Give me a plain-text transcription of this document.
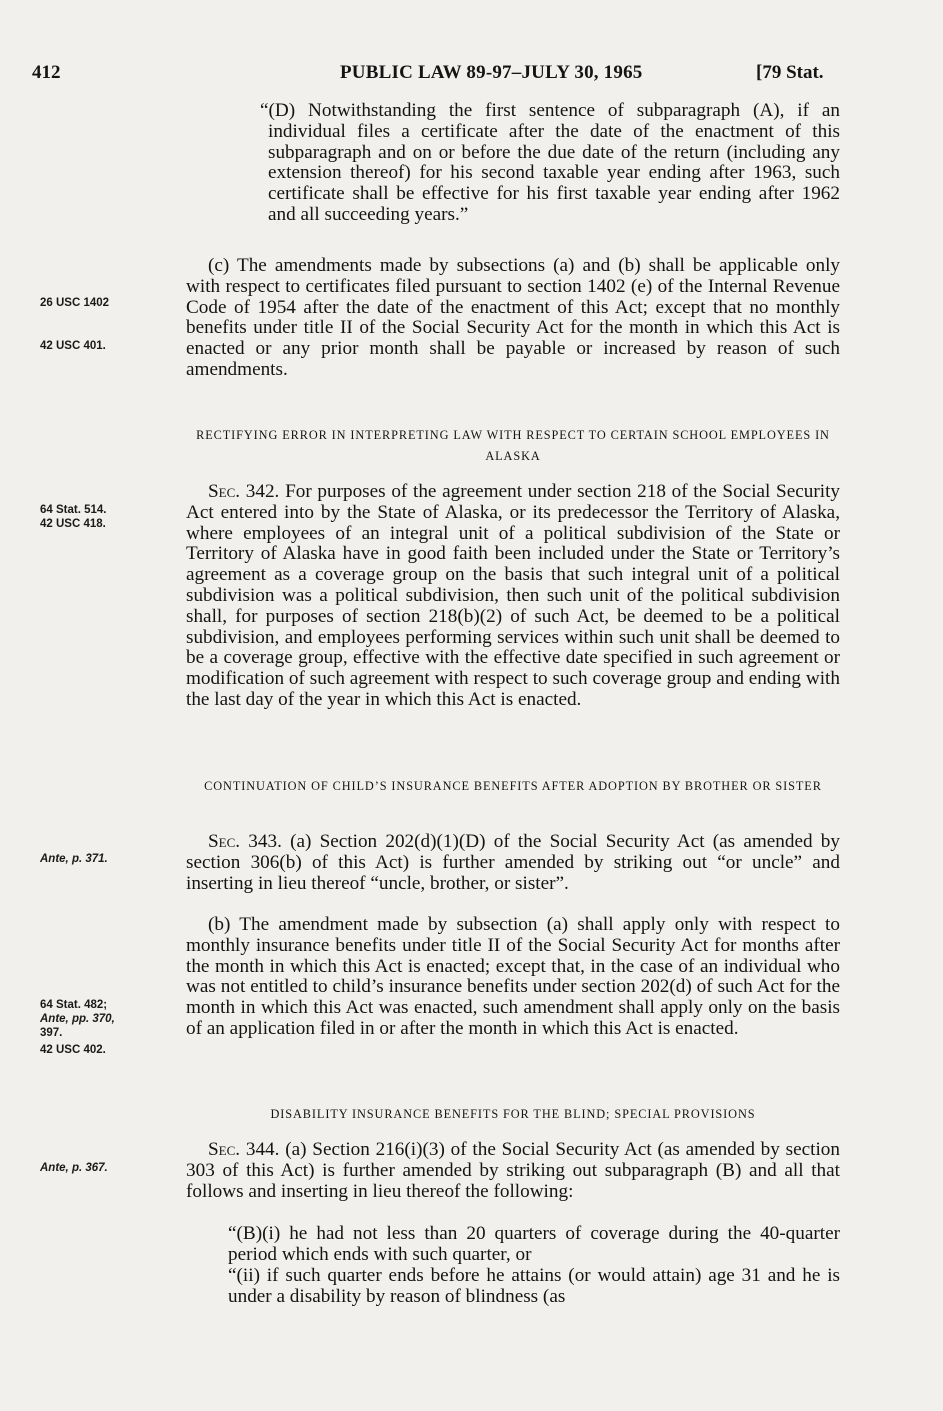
412	PUBLIC LAW 89-97–JULY 30, 1965	[79 Stat.
26 USC 1402
42 USC 401.
64 Stat. 514.
42 USC 418.
Ante, p. 371.
64 Stat. 482;
Ante, pp. 370,
397.
42 USC 402.
Ante, p. 367.
“(D) Notwithstanding the first sentence of subparagraph (A), if an individual files a certificate after the date of the enactment of this subparagraph and on or before the due date of the return (including any extension thereof) for his second taxable year ending after 1963, such certificate shall be effective for his first taxable year ending after 1962 and all succeeding years.”
(c) The amendments made by subsections (a) and (b) shall be applicable only with respect to certificates filed pursuant to section 1402 (e) of the Internal Revenue Code of 1954 after the date of the enactment of this Act; except that no monthly benefits under title II of the Social Security Act for the month in which this Act is enacted or any prior month shall be payable or increased by reason of such amendments.
RECTIFYING ERROR IN INTERPRETING LAW WITH RESPECT TO CERTAIN SCHOOL EMPLOYEES IN ALASKA
Sec. 342. For purposes of the agreement under section 218 of the Social Security Act entered into by the State of Alaska, or its predecessor the Territory of Alaska, where employees of an integral unit of a political subdivision of the State or Territory of Alaska have in good faith been included under the State or Territory’s agreement as a coverage group on the basis that such integral unit of a political subdivision was a political subdivision, then such unit of the political subdivision shall, for purposes of section 218(b)(2) of such Act, be deemed to be a political subdivision, and employees performing services within such unit shall be deemed to be a coverage group, effective with the effective date specified in such agreement or modification of such agreement with respect to such coverage group and ending with the last day of the year in which this Act is enacted.
CONTINUATION OF CHILD’S INSURANCE BENEFITS AFTER ADOPTION BY BROTHER OR SISTER
Sec. 343. (a) Section 202(d)(1)(D) of the Social Security Act (as amended by section 306(b) of this Act) is further amended by striking out “or uncle” and inserting in lieu thereof “uncle, brother, or sister”.
(b) The amendment made by subsection (a) shall apply only with respect to monthly insurance benefits under title II of the Social Security Act for months after the month in which this Act is enacted; except that, in the case of an individual who was not entitled to child’s insurance benefits under section 202(d) of such Act for the month in which this Act was enacted, such amendment shall apply only on the basis of an application filed in or after the month in which this Act is enacted.
DISABILITY INSURANCE BENEFITS FOR THE BLIND; SPECIAL PROVISIONS
Sec. 344. (a) Section 216(i)(3) of the Social Security Act (as amended by section 303 of this Act) is further amended by striking out subparagraph (B) and all that follows and inserting in lieu thereof the following:
“(B)(i) he had not less than 20 quarters of coverage during the 40-quarter period which ends with such quarter, or
“(ii) if such quarter ends before he attains (or would attain) age 31 and he is under a disability by reason of blindness (as
